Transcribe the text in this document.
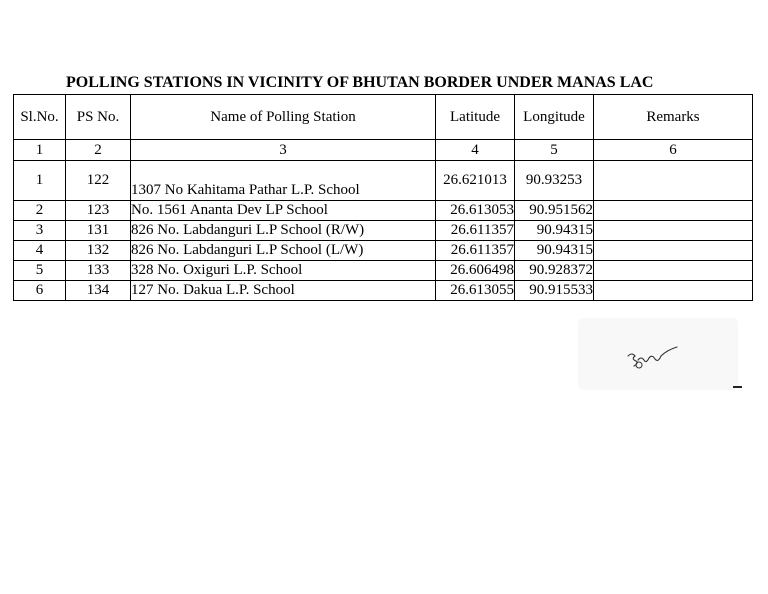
POLLING STATIONS IN VICINITY OF BHUTAN BORDER UNDER MANAS LAC
Sl.No.	PS No.	Name of Polling Station	Latitude	Longitude	Remarks
1	2	3	4	5	6
1	122	1307 No Kahitama Pathar L.P. School	26.621013	90.93253	
2	123	No. 1561 Ananta Dev LP School	26.613053	90.951562	
3	131	826 No. Labdanguri L.P School (R/W)	26.611357	90.94315	
4	132	826 No. Labdanguri L.P School (L/W)	26.611357	90.94315	
5	133	328 No. Oxiguri L.P. School	26.606498	90.928372	
6	134	127 No. Dakua L.P. School	26.613055	90.915533	
